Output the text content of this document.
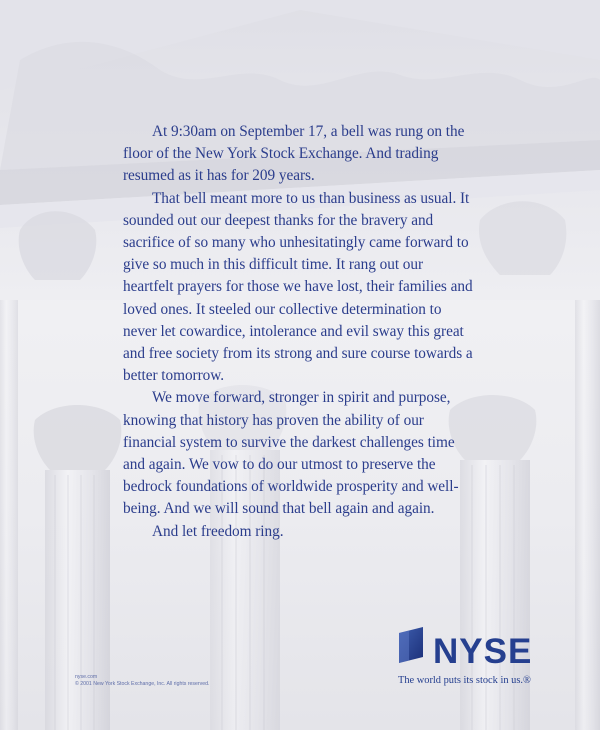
At 9:30am on September 17, a bell was rung on the floor of the New York Stock Exchange. And trading resumed as it has for 209 years.

That bell meant more to us than business as usual. It sounded out our deepest thanks for the bravery and sacrifice of so many who unhesitatingly came forward to give so much in this difficult time. It rang out our heartfelt prayers for those we have lost, their families and loved ones. It steeled our collective determination to never let cowardice, intolerance and evil sway this great and free society from its strong and sure course towards a better tomorrow.

We move forward, stronger in spirit and purpose, knowing that history has proven the ability of our financial system to survive the darkest challenges time and again. We vow to do our utmost to preserve the bedrock foundations of worldwide prosperity and well-being. And we will sound that bell again and again.

And let freedom ring.

nyse.com
© 2001 New York Stock Exchange, Inc. All rights reserved.
NYSE
The world puts its stock in us.®
